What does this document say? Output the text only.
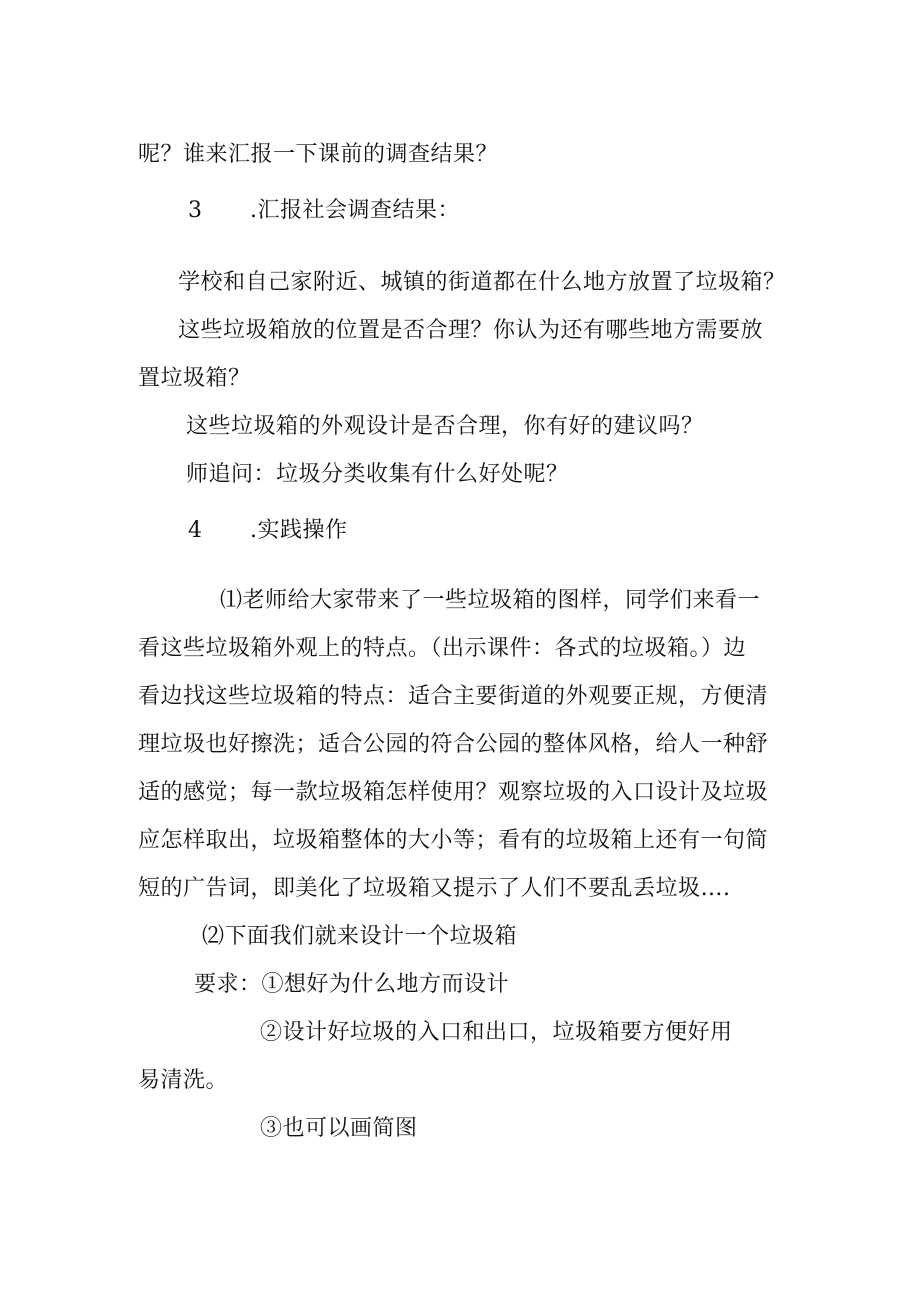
呢？谁来汇报一下课前的调查结果？
3 .汇报社会调查结果：
学校和自己家附近、城镇的街道都在什么地方放置了垃圾箱？
这些垃圾箱放的位置是否合理？你认为还有哪些地方需要放
置垃圾箱？
这些垃圾箱的外观设计是否合理，你有好的建议吗？
师追问：垃圾分类收集有什么好处呢？
4 .实践操作
⑴老师给大家带来了一些垃圾箱的图样，同学们来看一
看这些垃圾箱外观上的特点。（出示课件：各式的垃圾箱。）边
看边找这些垃圾箱的特点：适合主要街道的外观要正规，方便清
理垃圾也好擦洗；适合公园的符合公园的整体风格，给人一种舒
适的感觉；每一款垃圾箱怎样使用？观察垃圾的入口设计及垃圾
应怎样取出，垃圾箱整体的大小等；看有的垃圾箱上还有一句简
短的广告词，即美化了垃圾箱又提示了人们不要乱丢垃圾….
⑵下面我们就来设计一个垃圾箱
要求：①想好为什么地方而设计
②设计好垃圾的入口和出口，垃圾箱要方便好用
易清洗。
③也可以画简图
